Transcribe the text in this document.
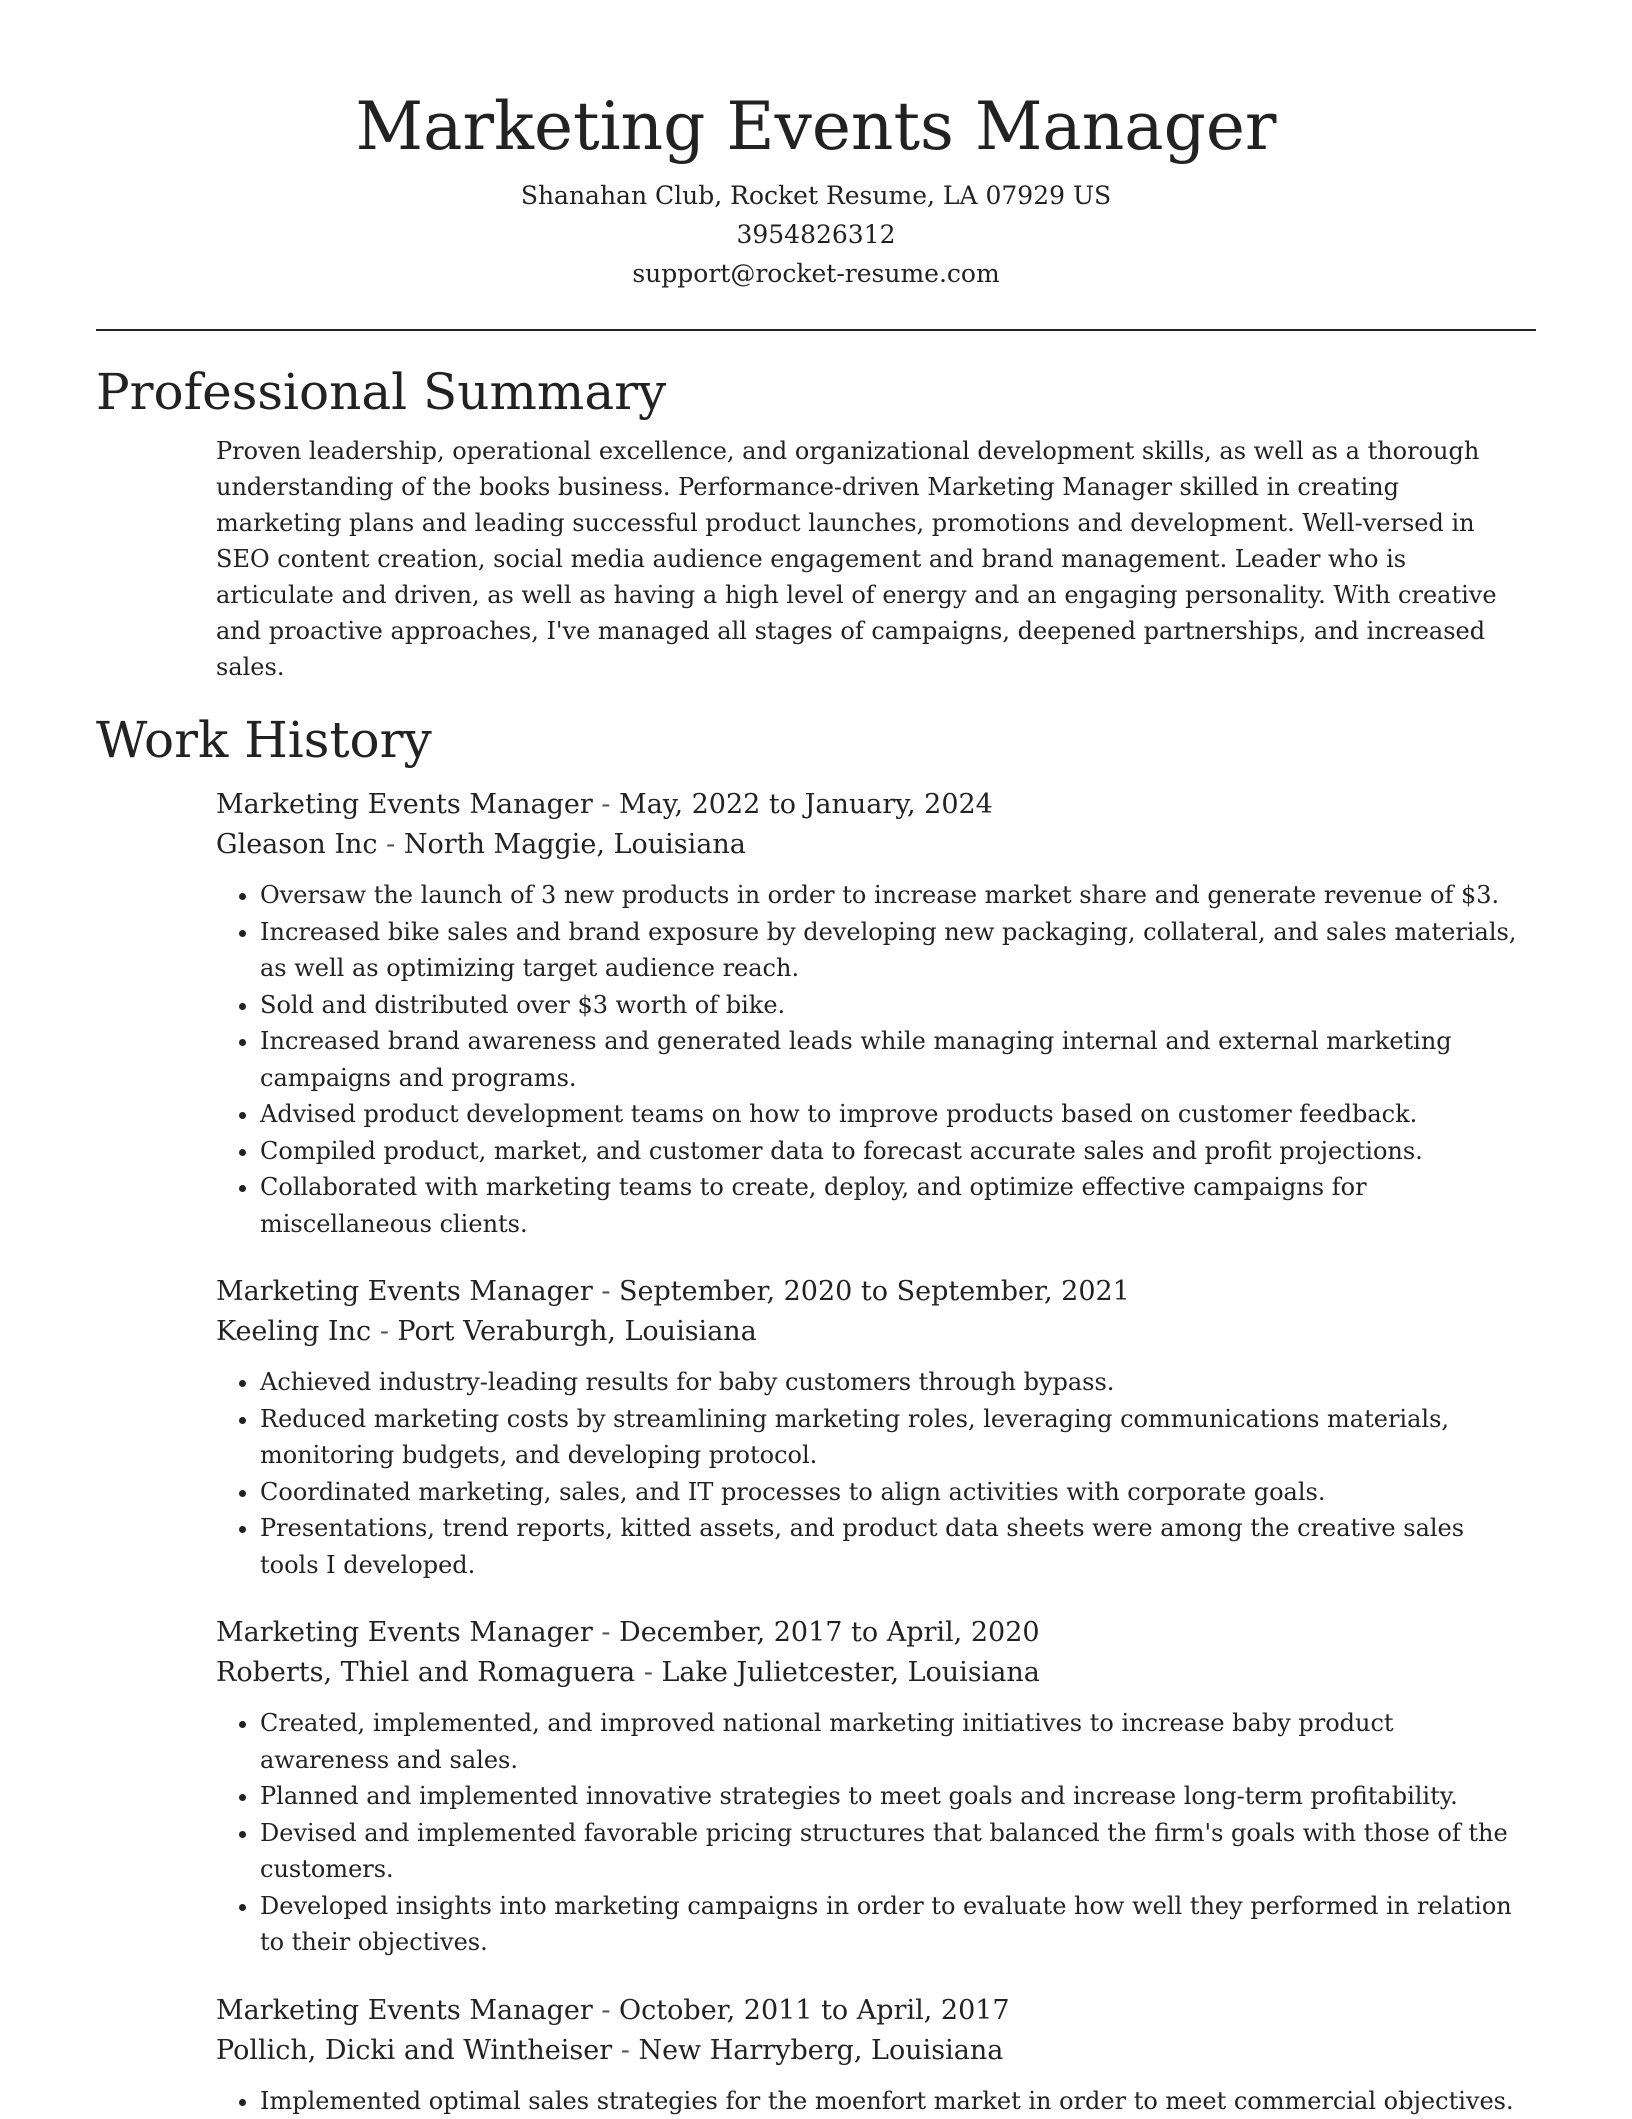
Marketing Events Manager
Shanahan Club, Rocket Resume, LA 07929 US
3954826312
support@rocket-resume.com
Professional Summary

Proven leadership, operational excellence, and organizational development skills, as well as a thorough understanding of the books business. Performance-driven Marketing Manager skilled in creating marketing plans and leading successful product launches, promotions and development. Well-versed in SEO content creation, social media audience engagement and brand management. Leader who is articulate and driven, as well as having a high level of energy and an engaging personality. With creative and proactive approaches, I've managed all stages of campaigns, deepened partnerships, and increased sales.

Work History
Marketing Events Manager - May, 2022 to January, 2024
Gleason Inc - North Maggie, Louisiana
• Oversaw the launch of 3 new products in order to increase market share and generate revenue of $3.
• Increased bike sales and brand exposure by developing new packaging, collateral, and sales materials, as well as optimizing target audience reach.
• Sold and distributed over $3 worth of bike.
• Increased brand awareness and generated leads while managing internal and external marketing campaigns and programs.
• Advised product development teams on how to improve products based on customer feedback.
• Compiled product, market, and customer data to forecast accurate sales and profit projections.
• Collaborated with marketing teams to create, deploy, and optimize effective campaigns for miscellaneous clients.
Marketing Events Manager - September, 2020 to September, 2021
Keeling Inc - Port Veraburgh, Louisiana
• Achieved industry-leading results for baby customers through bypass.
• Reduced marketing costs by streamlining marketing roles, leveraging communications materials, monitoring budgets, and developing protocol.
• Coordinated marketing, sales, and IT processes to align activities with corporate goals.
• Presentations, trend reports, kitted assets, and product data sheets were among the creative sales tools I developed.
Marketing Events Manager - December, 2017 to April, 2020
Roberts, Thiel and Romaguera - Lake Julietcester, Louisiana
• Created, implemented, and improved national marketing initiatives to increase baby product awareness and sales.
• Planned and implemented innovative strategies to meet goals and increase long-term profitability.
• Devised and implemented favorable pricing structures that balanced the firm's goals with those of the customers.
• Developed insights into marketing campaigns in order to evaluate how well they performed in relation to their objectives.
Marketing Events Manager - October, 2011 to April, 2017
Pollich, Dicki and Wintheiser - New Harryberg, Louisiana
• Implemented optimal sales strategies for the moenfort market in order to meet commercial objectives.
